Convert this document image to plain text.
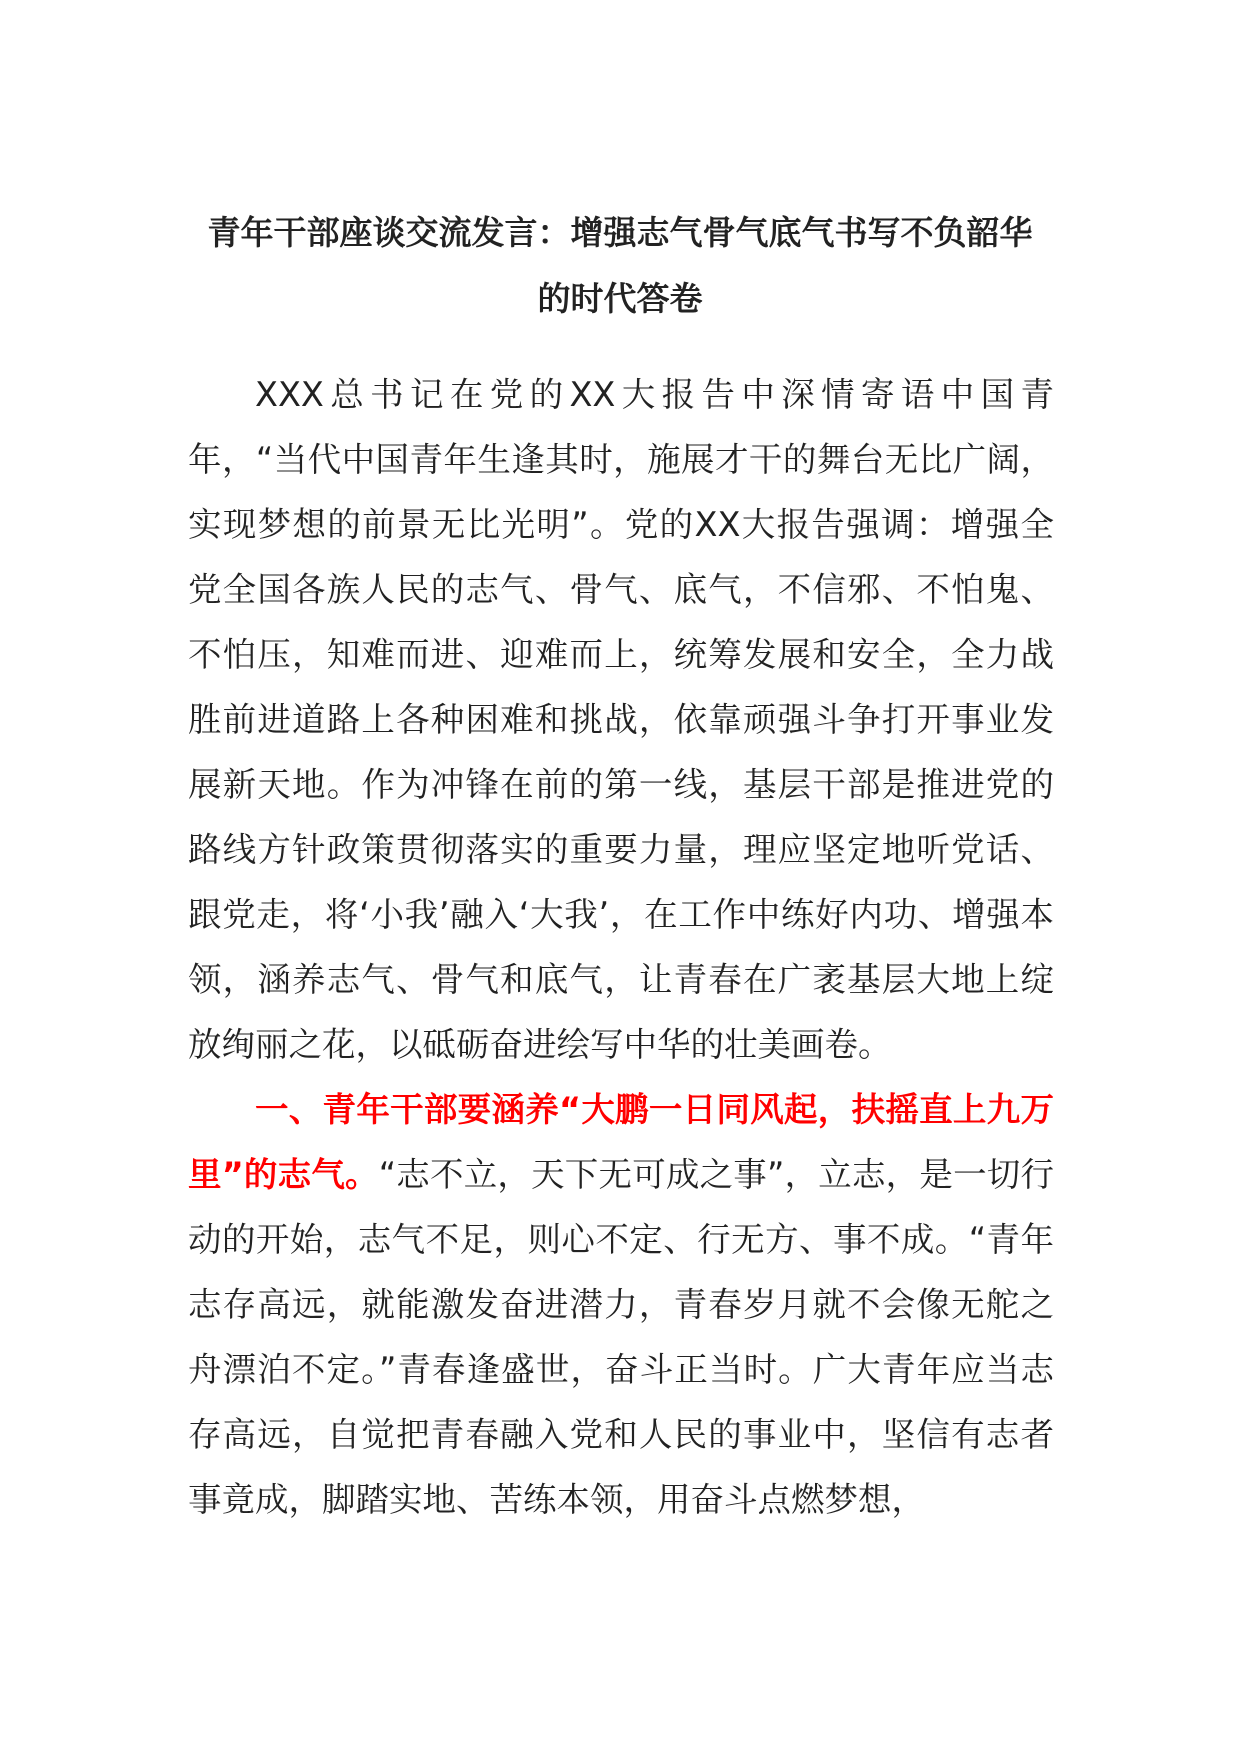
青年干部座谈交流发言：增强志气骨气底气书写不负韶华
的时代答卷

XXX总书记在党的XX大报告中深情寄语中国青年，“当代中国青年生逢其时，施展才干的舞台无比广阔，实现梦想的前景无比光明”。党的XX大报告强调：增强全党全国各族人民的志气、骨气、底气，不信邪、不怕鬼、不怕压，知难而进、迎难而上，统筹发展和安全，全力战胜前进道路上各种困难和挑战，依靠顽强斗争打开事业发展新天地。作为冲锋在前的第一线，基层干部是推进党的路线方针政策贯彻落实的重要力量，理应坚定地听党话、跟党走，将‘小我’融入‘大我’，在工作中练好内功、增强本领，涵养志气、骨气和底气，让青春在广袤基层大地上绽放绚丽之花，以砥砺奋进绘写中华的壮美画卷。

一、青年干部要涵养“大鹏一日同风起，扶摇直上九万里”的志气。“志不立，天下无可成之事”，立志，是一切行动的开始，志气不足，则心不定、行无方、事不成。“青年志存高远，就能激发奋进潜力，青春岁月就不会像无舵之舟漂泊不定。”青春逢盛世，奋斗正当时。广大青年应当志存高远，自觉把青春融入党和人民的事业中，坚信有志者事竟成，脚踏实地、苦练本领，用奋斗点燃梦想，
